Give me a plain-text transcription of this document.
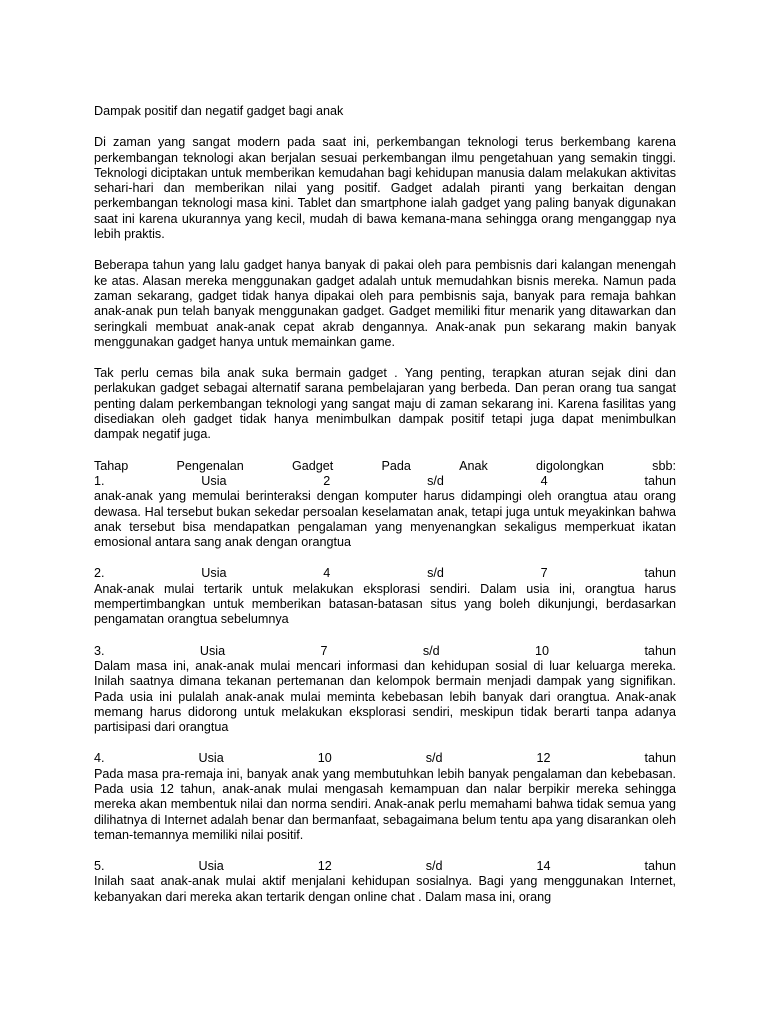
Dampak positif dan negatif gadget bagi anak

Di zaman yang sangat modern pada saat ini, perkembangan teknologi terus berkembang karena perkembangan teknologi akan berjalan sesuai perkembangan ilmu pengetahuan yang semakin tinggi. Teknologi diciptakan untuk memberikan kemudahan bagi kehidupan manusia dalam melakukan aktivitas sehari-hari dan memberikan nilai yang positif. Gadget adalah piranti yang berkaitan dengan perkembangan teknologi masa kini. Tablet dan smartphone ialah gadget yang paling banyak digunakan saat ini karena ukurannya yang kecil, mudah di bawa kemana-mana sehingga orang menganggap nya lebih praktis.

Beberapa tahun yang lalu gadget hanya banyak di pakai oleh para pembisnis dari kalangan menengah ke atas. Alasan mereka menggunakan gadget adalah untuk memudahkan bisnis mereka. Namun pada zaman sekarang, gadget tidak hanya dipakai oleh para pembisnis saja, banyak para remaja bahkan anak-anak pun telah banyak menggunakan gadget. Gadget memiliki fitur menarik yang ditawarkan dan seringkali membuat anak-anak cepat akrab dengannya. Anak-anak pun sekarang makin banyak menggunakan gadget hanya untuk memainkan game.

Tak perlu cemas bila anak suka bermain gadget . Yang penting, terapkan aturan sejak dini dan perlakukan gadget sebagai alternatif sarana pembelajaran yang berbeda. Dan peran orang tua sangat penting dalam perkembangan teknologi yang sangat maju di zaman sekarang ini. Karena fasilitas yang disediakan oleh gadget tidak hanya menimbulkan dampak positif tetapi juga dapat menimbulkan dampak negatif juga.

Tahap	Pengenalan	Gadget	Pada	Anak	digolongkan	sbb:
1.	Usia	2	s/d	4	tahun
anak-anak yang memulai berinteraksi dengan komputer harus didampingi oleh orangtua atau orang dewasa. Hal tersebut bukan sekedar persoalan keselamatan anak, tetapi juga untuk meyakinkan bahwa anak tersebut bisa mendapatkan pengalaman yang menyenangkan sekaligus memperkuat ikatan emosional antara sang anak dengan orangtua
2.	Usia	4	s/d	7	tahun
Anak-anak mulai tertarik untuk melakukan eksplorasi sendiri. Dalam usia ini, orangtua harus mempertimbangkan untuk memberikan batasan-batasan situs yang boleh dikunjungi, berdasarkan pengamatan orangtua sebelumnya
3.	Usia	7	s/d	10	tahun
Dalam masa ini, anak-anak mulai mencari informasi dan kehidupan sosial di luar keluarga mereka. Inilah saatnya dimana tekanan pertemanan dan kelompok bermain menjadi dampak yang signifikan. Pada usia ini pulalah anak-anak mulai meminta kebebasan lebih banyak dari orangtua. Anak-anak memang harus didorong untuk melakukan eksplorasi sendiri, meskipun tidak berarti tanpa adanya partisipasi dari orangtua
4.	Usia	10	s/d	12	tahun
Pada masa pra-remaja ini, banyak anak yang membutuhkan lebih banyak pengalaman dan kebebasan. Pada usia 12 tahun, anak-anak mulai mengasah kemampuan dan nalar berpikir mereka sehingga mereka akan membentuk nilai dan norma sendiri. Anak-anak perlu memahami bahwa tidak semua yang dilihatnya di Internet adalah benar dan bermanfaat, sebagaimana belum tentu apa yang disarankan oleh teman-temannya memiliki nilai positif.
5.	Usia	12	s/d	14	tahun
Inilah saat anak-anak mulai aktif menjalani kehidupan sosialnya. Bagi yang menggunakan Internet, kebanyakan dari mereka akan tertarik dengan online chat . Dalam masa ini, orang
